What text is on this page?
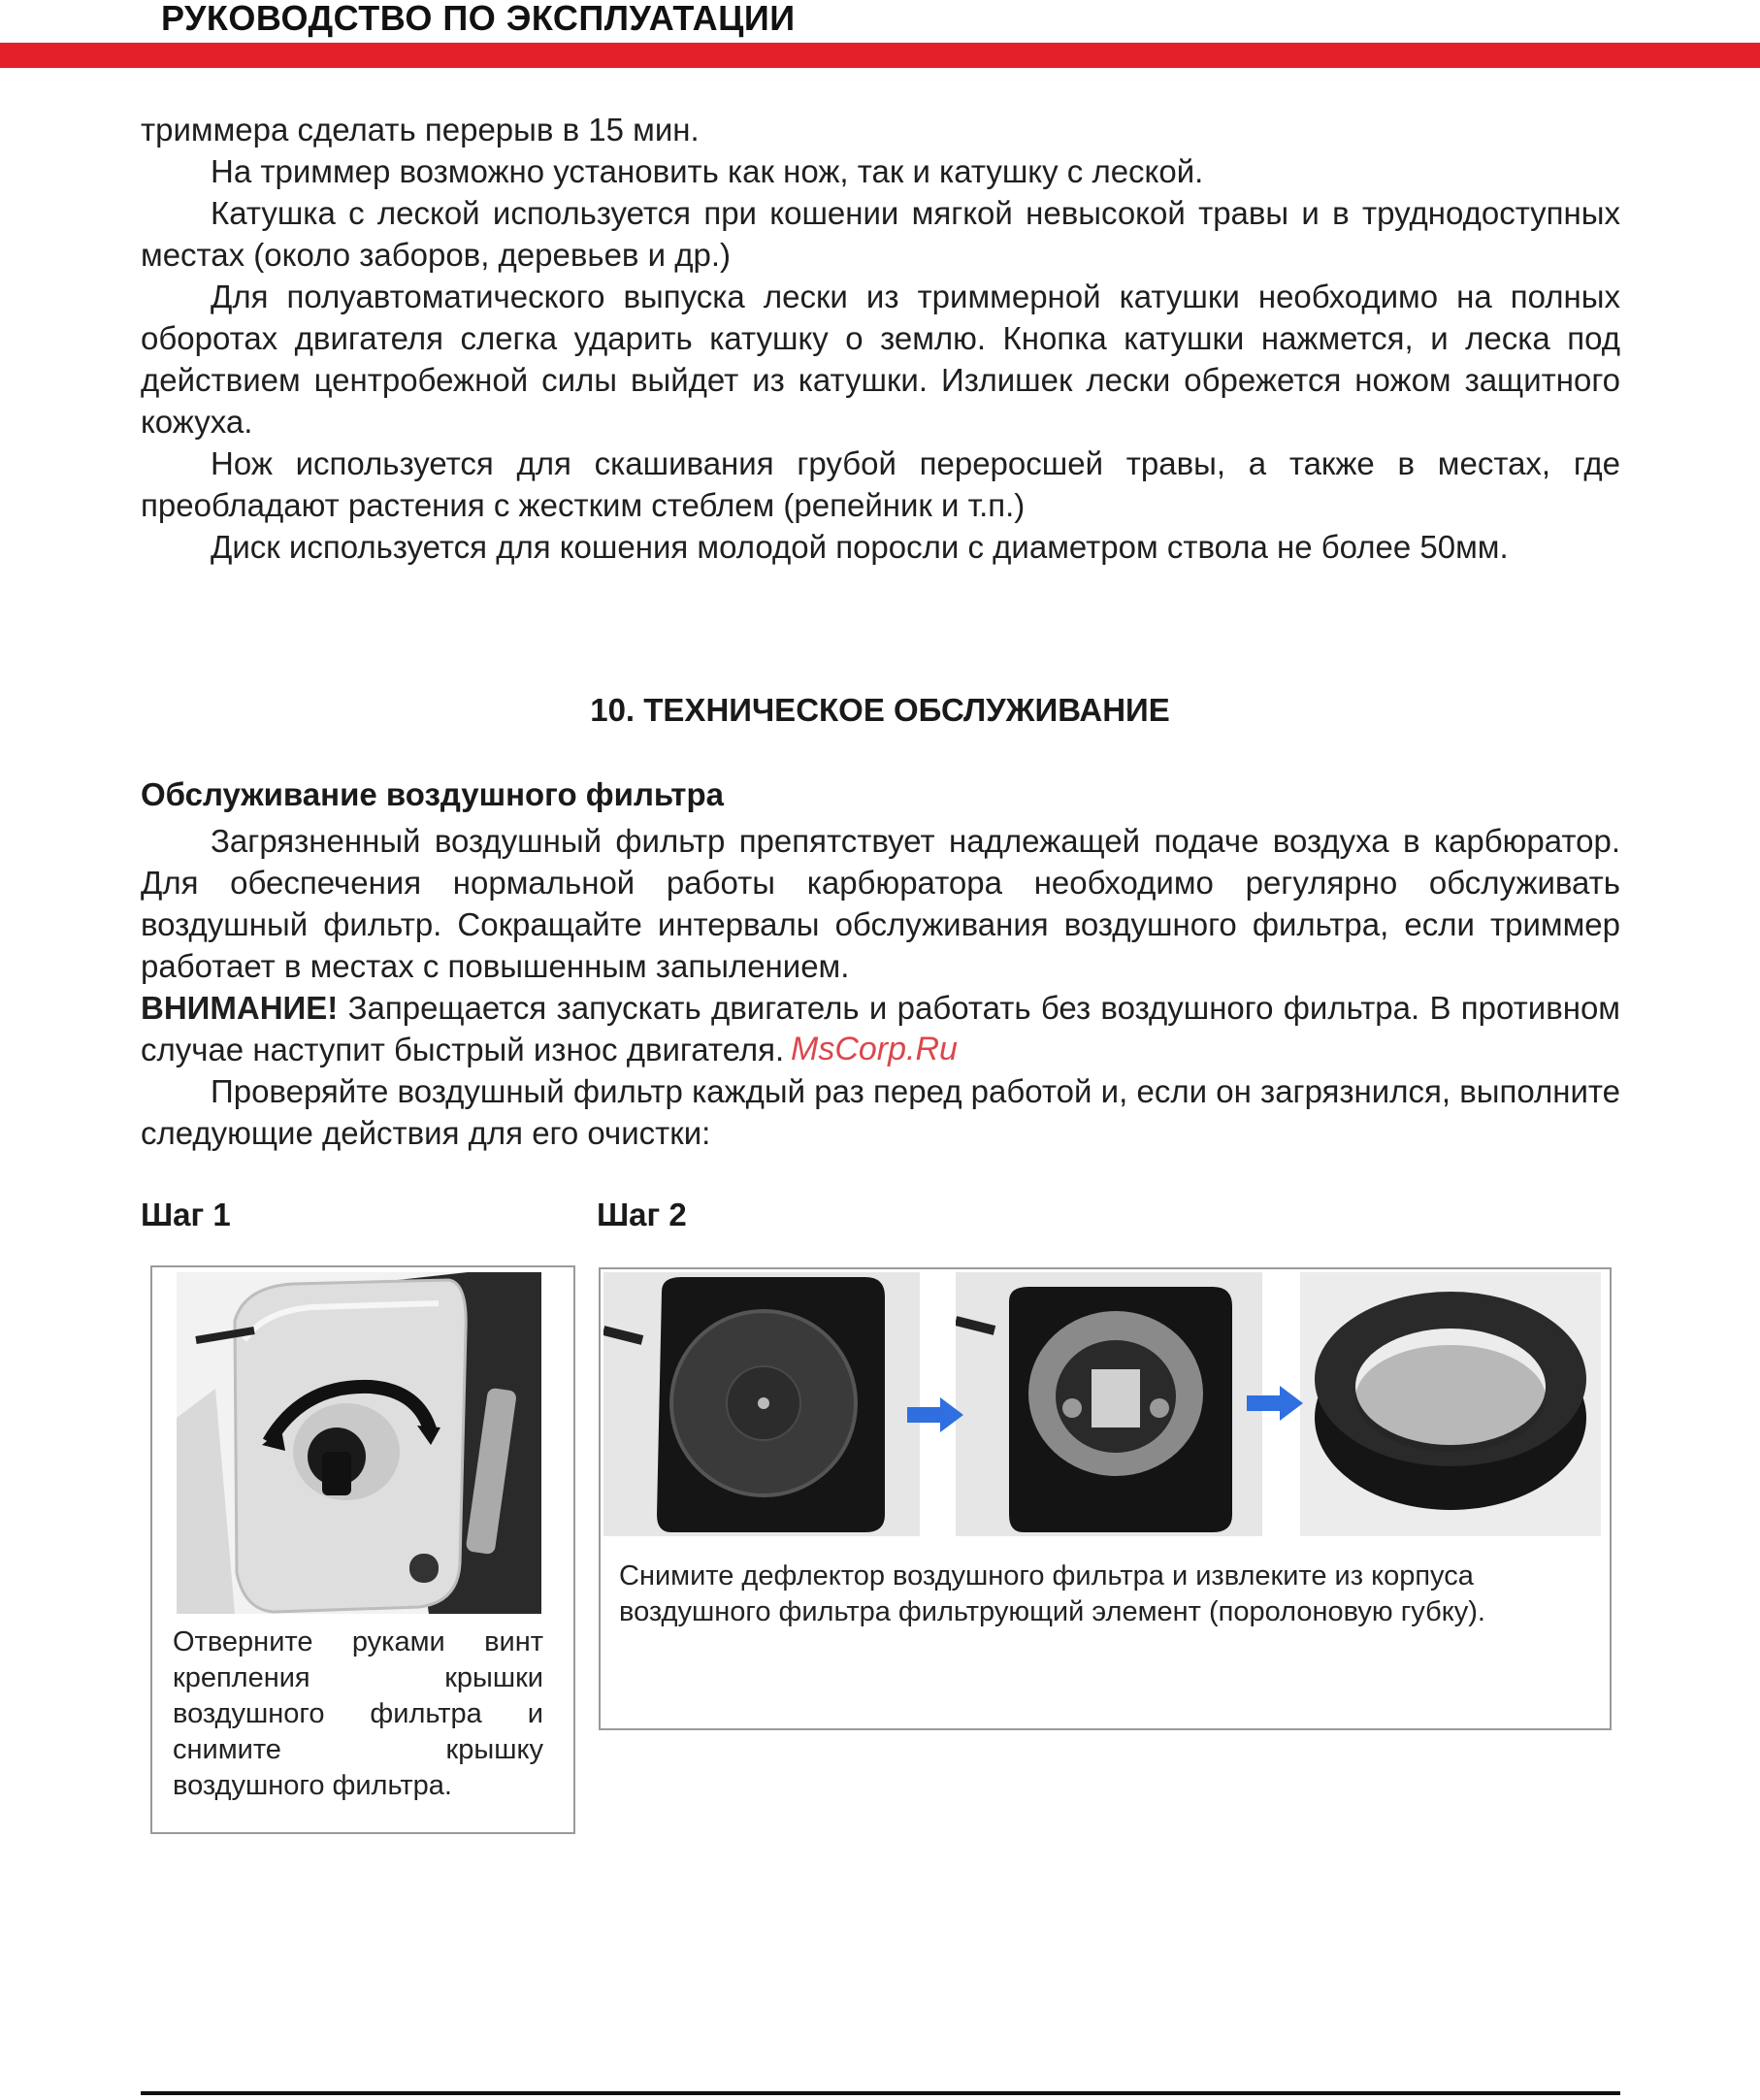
РУКОВОДСТВО ПО ЭКСПЛУАТАЦИИ

триммера сделать перерыв в 15 мин.

На триммер возможно установить как нож, так и катушку с леской.

Катушка с леской используется при кошении мягкой невысокой травы и в труднодоступных местах (около заборов, деревьев и др.)

Для полуавтоматического выпуска лески из триммерной катушки необходимо на полных оборотах двигателя слегка ударить катушку о землю. Кнопка катушки нажмется, и леска под действием центробежной силы выйдет из катушки. Излишек лески обрежется ножом защитного кожуха.

Нож используется для скашивания грубой переросшей травы, а также в местах, где преобладают растения с жестким стеблем (репейник и т.п.)

Диск используется для кошения молодой поросли с диаметром ствола не более 50мм.

10. ТЕХНИЧЕСКОЕ ОБСЛУЖИВАНИЕ
Обслуживание воздушного фильтра

Загрязненный воздушный фильтр препятствует надлежащей подаче воздуха в карбюратор. Для обеспечения нормальной работы карбюратора необходимо регулярно обслуживать воздушный фильтр. Сокращайте интервалы обслуживания воздушного фильтра, если триммер работает в местах с повышенным запылением.

ВНИМАНИЕ! Запрещается запускать двигатель и работать без воздушного фильтра. В противном случае наступит быстрый износ двигателя.

Проверяйте воздушный фильтр каждый раз перед работой и, если он загрязнился, выполните следующие действия для его очистки:

MsCorp.Ru
Шаг 1	Шаг 2
Отверните руками винт крепления крышки воздушного фильтра и снимите крышку воздушного фильтра.
Снимите дефлектор воздушного фильтра и извлеките из корпуса воздушного фильтра фильтрующий элемент (поролоновую губку).
